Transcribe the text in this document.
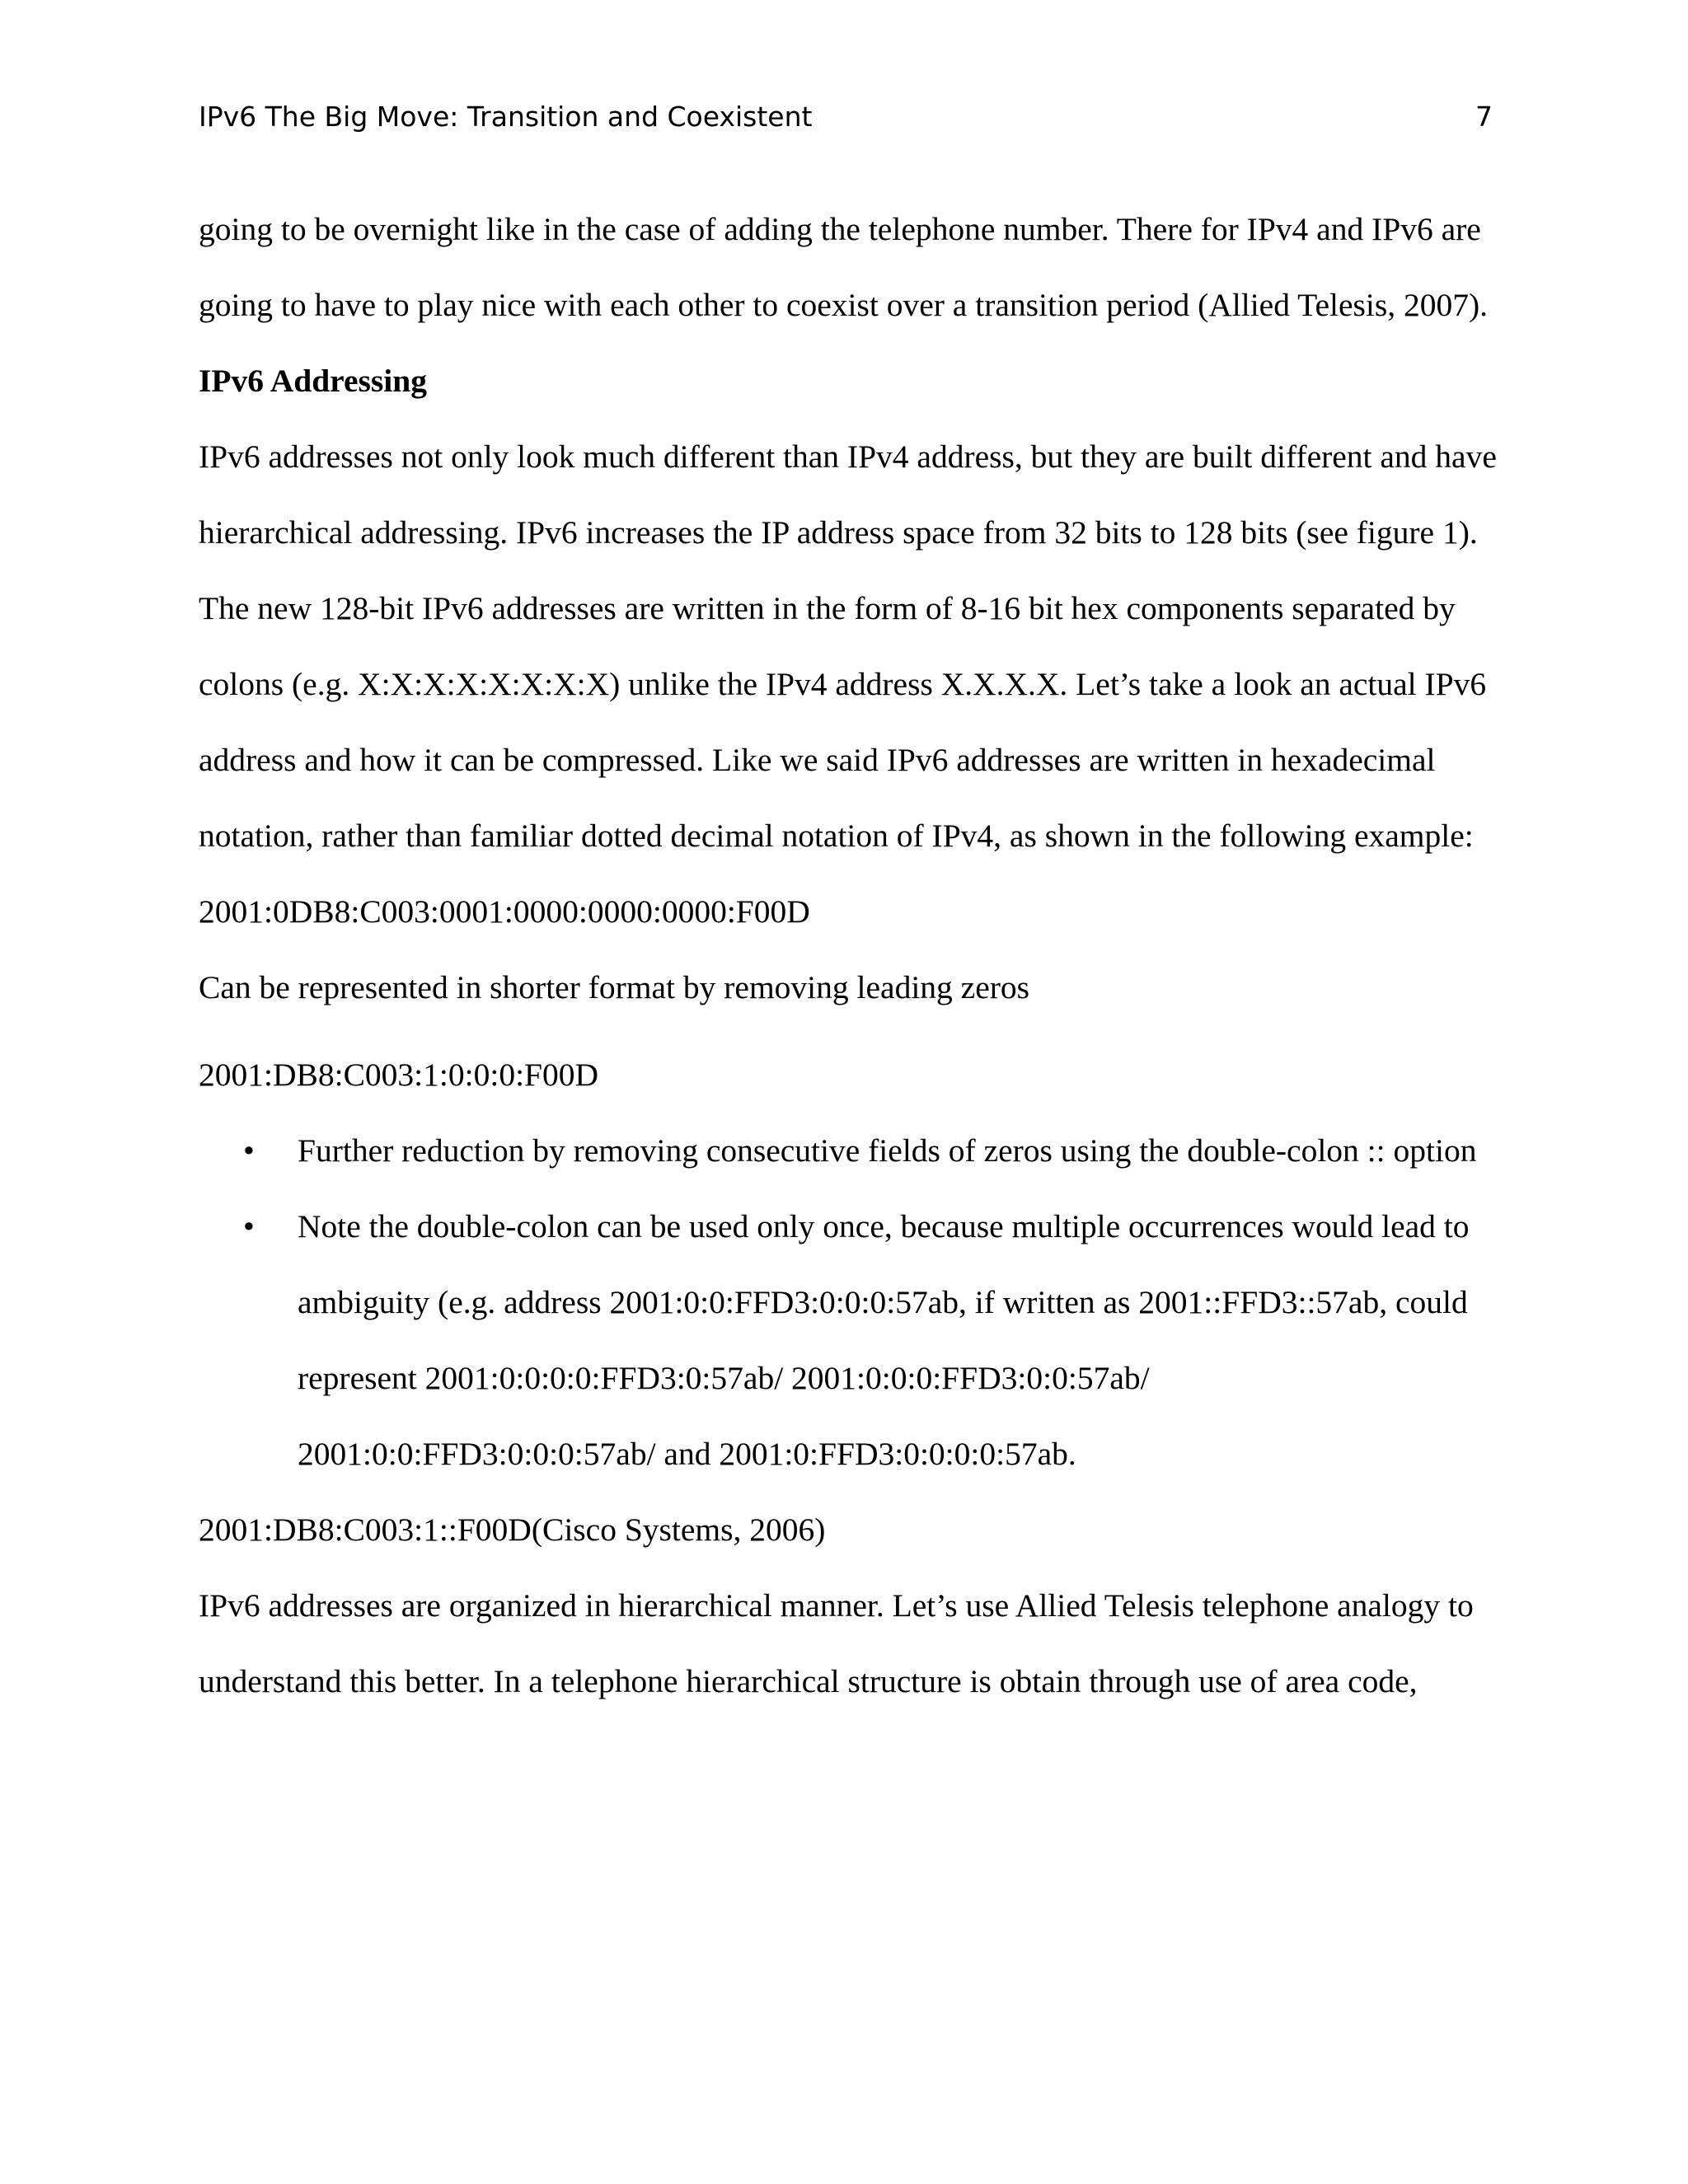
IPv6 The Big Move: Transition and Coexistent	7

going to be overnight like in the case of adding the telephone number. There for IPv4 and IPv6 are going to have to play nice with each other to coexist over a transition period (Allied Telesis, 2007).

IPv6 Addressing

IPv6 addresses not only look much different than IPv4 address, but they are built different and have hierarchical addressing. IPv6 increases the IP address space from 32 bits to 128 bits (see figure 1). The new 128-bit IPv6 addresses are written in the form of 8-16 bit hex components separated by colons (e.g. X:X:X:X:X:X:X:X) unlike the IPv4 address X.X.X.X. Let’s take a look an actual IPv6 address and how it can be compressed. Like we said IPv6 addresses are written in hexadecimal notation, rather than familiar dotted decimal notation of IPv4, as shown in the following example:

2001:0DB8:C003:0001:0000:0000:0000:F00D

Can be represented in shorter format by removing leading zeros

2001:DB8:C003:1:0:0:0:F00D

• Further reduction by removing consecutive fields of zeros using the double-colon :: option
• Note the double-colon can be used only once, because multiple occurrences would lead to ambiguity (e.g. address 2001:0:0:FFD3:0:0:0:57ab, if written as 2001::FFD3::57ab, could represent 2001:0:0:0:0:FFD3:0:57ab/ 2001:0:0:0:FFD3:0:0:57ab/ 2001:0:0:FFD3:0:0:0:57ab/ and 2001:0:FFD3:0:0:0:0:57ab.

2001:DB8:C003:1::F00D(Cisco Systems, 2006)

IPv6 addresses are organized in hierarchical manner. Let’s use Allied Telesis telephone analogy to understand this better. In a telephone hierarchical structure is obtain through use of area code,
